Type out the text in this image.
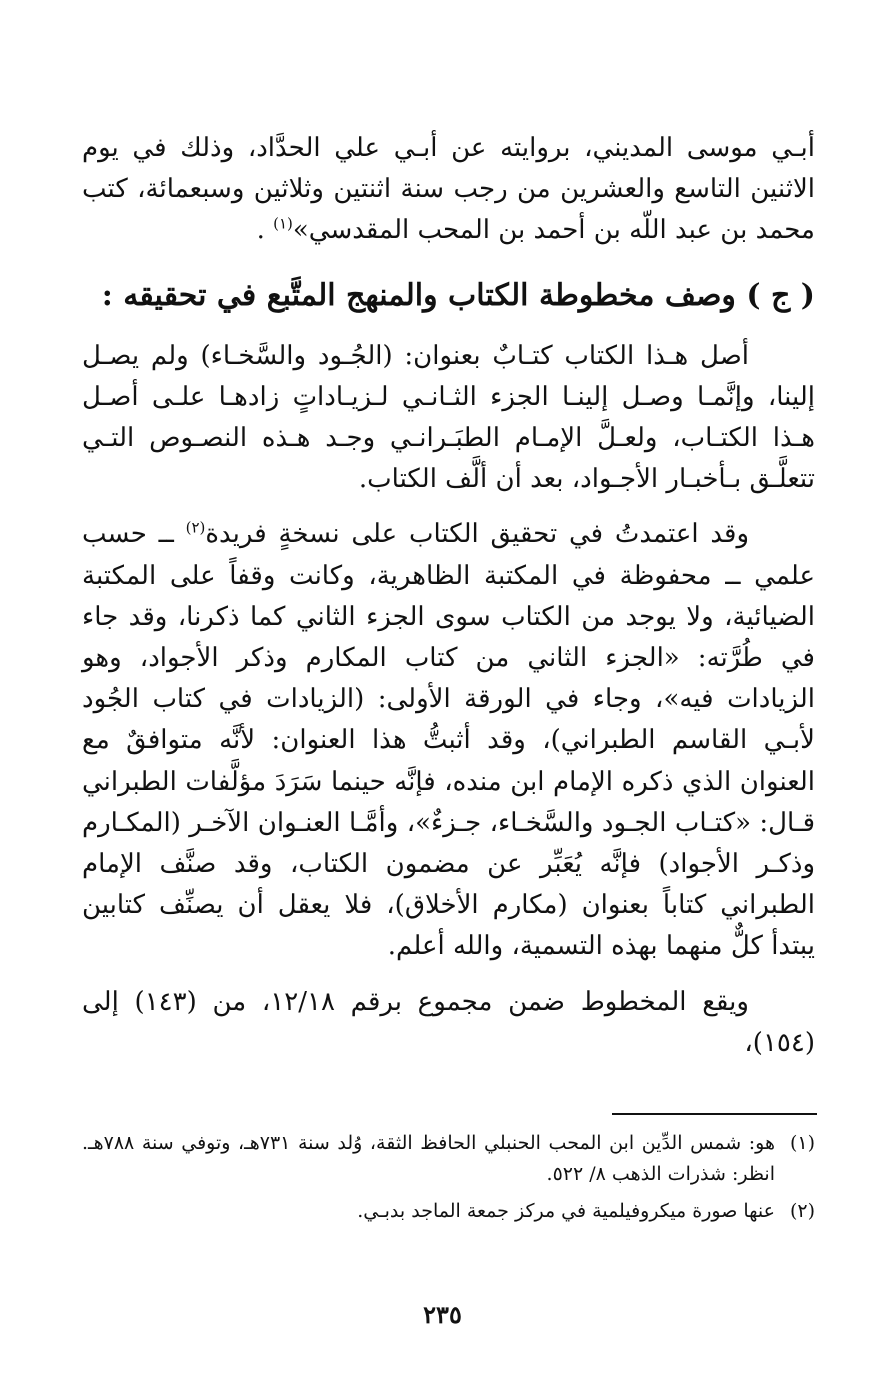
أبـي موسى المديني، بروايته عن أبـي علي الحدَّاد، وذلك في يوم الاثنين التاسع والعشرين من رجب سنة اثنتين وثلاثين وسبعمائة، كتب محمد بن عبد اللّه بن أحمد بن المحب المقدسي»$^{(١)}$ .

( ج ) وصف مخطوطة الكتاب والمنهج المتَّبع في تحقيقه :

أصل هـذا الكتاب كتـابٌ بعنوان: (الجُـود والسَّخـاء) ولم يصـل إلينا، وإنَّمـا وصـل إلينـا الجزء الثـانـي لـزيـاداتٍ زادهـا علـى أصـل هـذا الكتـاب، ولعـلَّ الإمـام الطبَـرانـي وجـد هـذه النصـوص التـي تتعلَّـق بـأخبـار الأجـواد، بعد أن ألَّف الكتاب.

وقد اعتمدتُ في تحقيق الكتاب على نسخةٍ فريدة$^{(٢)}$ ــ حسب علمي ــ محفوظة في المكتبة الظاهرية، وكانت وقفاً على المكتبة الضيائية، ولا يوجد من الكتاب سوى الجزء الثاني كما ذكرنا، وقد جاء في طُرَّته: «الجزء الثاني من كتاب المكارم وذكر الأجواد، وهو الزيادات فيه»، وجاء في الورقة الأولى: (الزيادات في كتاب الجُود لأبـي القاسم الطبراني)، وقد أثبتُّ هذا العنوان: لأنَّه متوافقٌ مع العنوان الذي ذكره الإمام ابن منده، فإنَّه حينما سَرَدَ مؤلَّفات الطبراني قـال: «كتـاب الجـود والسَّخـاء، جـزءٌ»، وأمَّـا العنـوان الآخـر (المكـارم وذكـر الأجواد) فإنَّه يُعَبِّر عن مضمون الكتاب، وقد صنَّف الإمام الطبراني كتاباً بعنوان (مكارم الأخلاق)، فلا يعقل أن يصنِّف كتابين يبتدأ كلٌّ منهما بهذه التسمية، والله أعلم.

ويقع المخطوط ضمن مجموع برقم ١٢/١٨، من (١٤٣) إلى (١٥٤)،

(١)
هو: شمس الدِّين ابن المحب الحنبلي الحافظ الثقة، وُلد سنة ٧٣١هـ، وتوفي سنة ٧٨٨هـ. انظر: شذرات الذهب ٨/ ٥٢٢.

(٢)
عنها صورة ميكروفيلمية في مركز جمعة الماجد بدبـي.

٢٣٥
